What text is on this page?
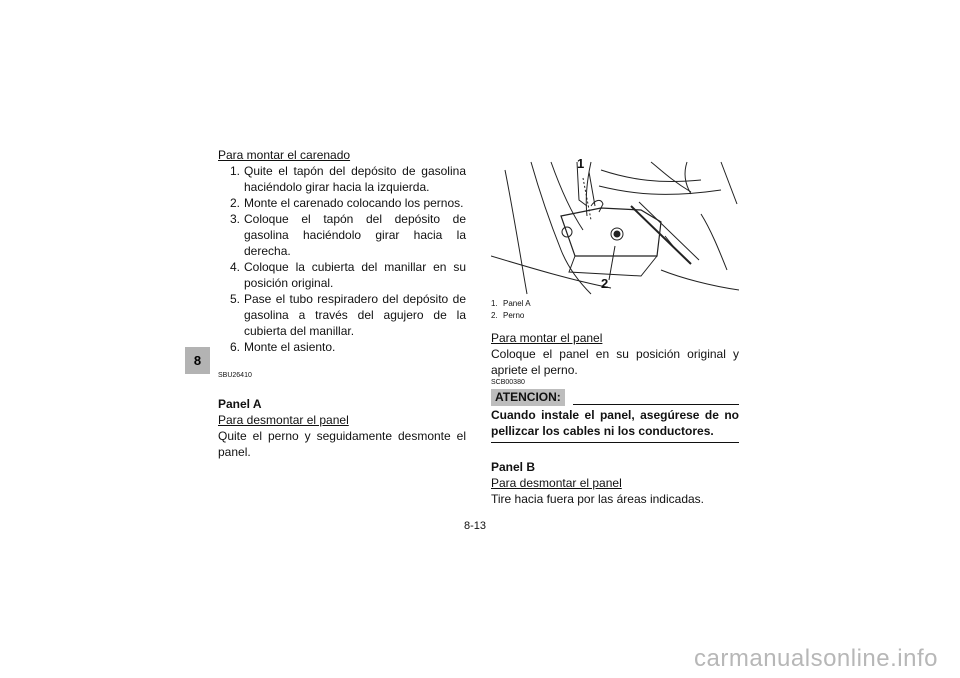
8
Para montar el carenado
1. Quite el tapón del depósito de gasolina haciéndolo girar hacia la izquierda.
2. Monte el carenado colocando los pernos.
3. Coloque el tapón del depósito de gasolina haciéndolo girar hacia la derecha.
4. Coloque la cubierta del manillar en su posición original.
5. Pase el tubo respiradero del depósito de gasolina a través del agujero de la cubierta del manillar.
6. Monte el asiento.
SBU26410
Panel A
Para desmontar el panel
Quite el perno y seguidamente desmonte el panel.
1
2
1. Panel A
2. Perno
Para montar el panel
Coloque el panel en su posición original y apriete el perno.
SCB00380
ATENCION:
Cuando instale el panel, asegúrese de no pellizcar los cables ni los conductores.
Panel B
Para desmontar el panel
Tire hacia fuera por las áreas indicadas.
8-13
carmanualsonline.info
